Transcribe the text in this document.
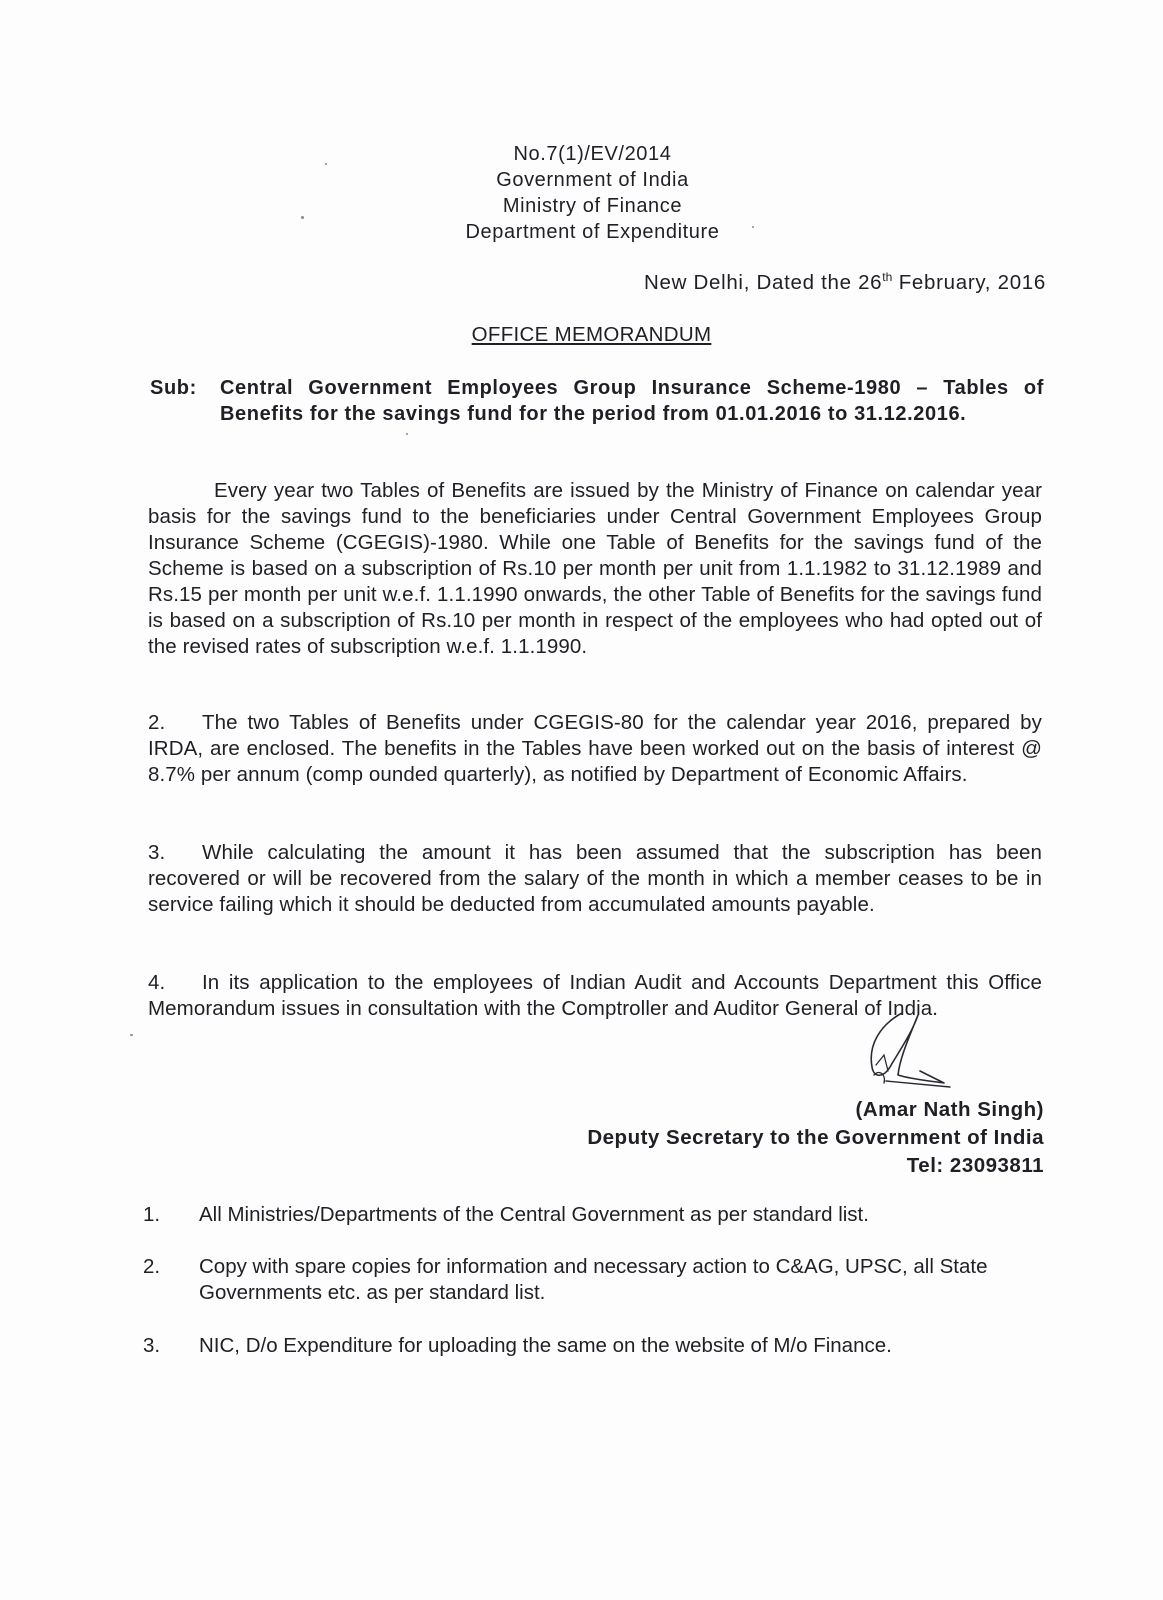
No.7(1)/EV/2014
Government of India
Ministry of Finance
Department of Expenditure
New Delhi, Dated the 26th February, 2016
OFFICE MEMORANDUM
Sub: Central Government Employees Group Insurance Scheme-1980 – Tables of Benefits for the savings fund for the period from 01.01.2016 to 31.12.2016.
Every year two Tables of Benefits are issued by the Ministry of Finance on calendar year basis for the savings fund to the beneficiaries under Central Government Employees Group Insurance Scheme (CGEGIS)-1980. While one Table of Benefits for the savings fund of the Scheme is based on a subscription of Rs.10 per month per unit from 1.1.1982 to 31.12.1989 and Rs.15 per month per unit w.e.f. 1.1.1990 onwards, the other Table of Benefits for the savings fund is based on a subscription of Rs.10 per month in respect of the employees who had opted out of the revised rates of subscription w.e.f. 1.1.1990.
2. The two Tables of Benefits under CGEGIS-80 for the calendar year 2016, prepared by IRDA, are enclosed. The benefits in the Tables have been worked out on the basis of interest @ 8.7% per annum (comp ounded quarterly), as notified by Department of Economic Affairs.
3. While calculating the amount it has been assumed that the subscription has been recovered or will be recovered from the salary of the month in which a member ceases to be in service failing which it should be deducted from accumulated amounts payable.
4. In its application to the employees of Indian Audit and Accounts Department this Office Memorandum issues in consultation with the Comptroller and Auditor General of India.
(Amar Nath Singh)
Deputy Secretary to the Government of India
Tel: 23093811
1. All Ministries/Departments of the Central Government as per standard list.
2. Copy with spare copies for information and necessary action to C&AG, UPSC, all State Governments etc. as per standard list.
3. NIC, D/o Expenditure for uploading the same on the website of M/o Finance.
